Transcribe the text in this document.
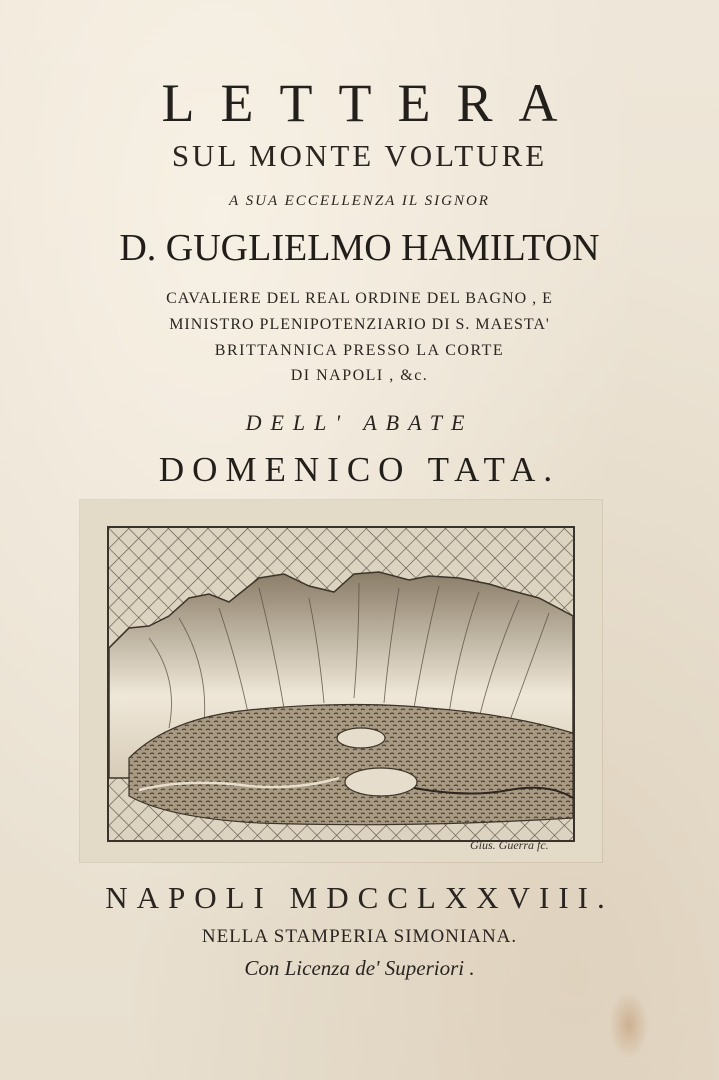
LETTERA
SUL MONTE VOLTURE
A SUA ECCELLENZA IL SIGNOR
D. GUGLIELMO HAMILTON
CAVALIERE DEL REAL ORDINE DEL BAGNO , E
MINISTRO PLENIPOTENZIARIO DI S. MAESTA'
BRITTANNICA PRESSO LA CORTE
DI NAPOLI , &c.
DELL' ABATE
DOMENICO TATA.
Gius. Guerra fc.
NAPOLI MDCCLXXVIII.
NELLA STAMPERIA SIMONIANA.
Con Licenza de' Superiori .
